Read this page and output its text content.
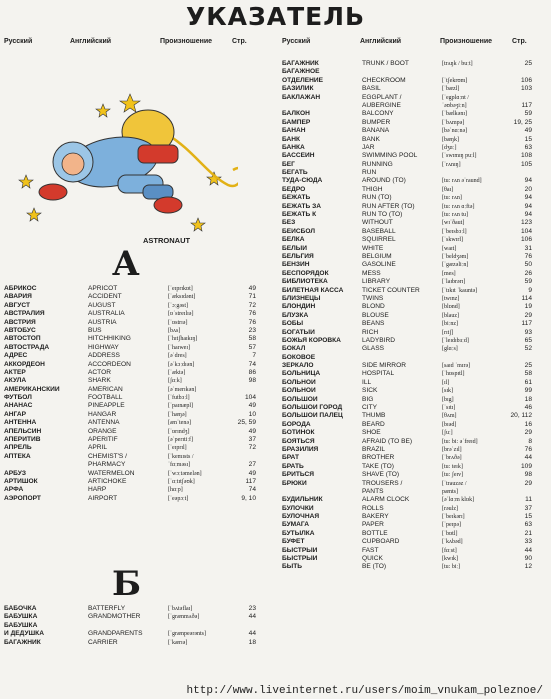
УКАЗАТЕЛЬ
Русский	Английский	Произношение	Стр.	Русский	Английский	Произношение	Стр.
ASTRONAUT
А
Б
АБРИКОС	APRICOT	[ˈeɪprɪkɒt]	49
АВАРИЯ	ACCIDENT	[ˈæksɪdənt]	71
АВГУСТ	AUGUST	[ˈɔːgəst]	72
АВСТРАЛИЯ	AUSTRALIA	[ɒˈstreɪlɪə]	76
АВСТРИЯ	AUSTRIA	[ˈɒstrɪə]	76
АВТОБУС	BUS	[bʌs]	23
АВТОСТОП	HITCHHIKING	[ˈhɪtʃhaɪkɪŋ]	58
АВТОСТРАДА	HIGHWAY	[ˈhaɪweɪ]	57
АДРЕС	ADDRESS	[əˈdres]	7
АККОРДЕОН	ACCORDEON	[əˈkɔːdɪən]	74
АКТЕР	ACTOR	[ˈæktə]	86
АКУЛА	SHARK	[ʃɑːk]	98
АМЕРИКАНСКИЙ	AMERICAN	[əˈmerɪkən]
ФУТБОЛ	FOOTBALL	[ˈfutbɔːl]	104
АНАНАС	PINEAPPLE	[ˈpaɪnæpl]	49
АНГАР	HANGAR	[ˈhæŋə]	10
АНТЕННА	ANTENNA	[ænˈtenə]	25, 59
АПЕЛЬСИН	ORANGE	[ˈɒrɪndʒ]	49
АПЕРИТИВ	APERITIF	[əˈperɪtiːf]	37
АПРЕЛЬ	APRIL	[ˈeɪprɪl]	72
АПТЕКА	CHEMIST'S /	[ˈkemɪsts /
PHARMACY	ˈfɑːməsɪ]	27
АРБУЗ	WATERMELON	[ˈwɔːtəmelən]	49
АРТИШОК	ARTICHOKE	[ˈɑːtɪtʃəʊk]	117
АРФА	HARP	[hɑːp]	74
АЭРОПОРТ	AIRPORT	[ˈeəpɔːt]	9, 10
БАБОЧКА	BATTERFLY	[ˈbʌtəflaɪ]	23
БАБУШКА	GRANDMOTHER	[ˈgrænmʌðə]	44
БАБУШКА
И ДЕДУШКА	GRANDPARENTS	[ˈgrænpeərənts]	44
БАГАЖНИК	CARRIER	[ˈkærɪə]	18
БАГАЖНИК	TRUNK / BOOT	[trʌŋk / buːt]	25
БАГАЖНОЕ
ОТДЕЛЕНИЕ	CHECKROOM	[ˈtʃekrʊm]	106
БАЗИЛИК	BASIL	[ˈbæzl]	103
БАКЛАЖАН	EGGPLANT /	[ˈegplɑːnt /
AUBERGINE	ˈəʊbəʒiːn]	117
БАЛКОН	BALCONY	[ˈbælkənɪ]	59
БАМПЕР	BUMPER	[ˈbʌmpə]	19, 25
БАНАН	BANANA	[bəˈnɑːnə]	49
БАНК	BANK	[bæŋk]	15
БАНКА	JAR	[dʒɑː]	63
БАССЕЙН	SWIMMING POOL	[ˈswɪmɪŋ puːl]	108
БЕГ	RUNNING	[ˈrʌnɪŋ]	105
БЕГАТЬ	RUN
ТУДА-СЮДА	AROUND (TO)	[tu: rʌn əˈraund]	94
БЕДРО	THIGH	[θaɪ]	20
БЕЖАТЬ	RUN (TO)	[tu: rʌn]	94
БЕЖАТЬ ЗА	RUN AFTER (TO)	[tu: rʌn ɑːftə]	94
БЕЖАТЬ К	RUN TO (TO)	[tu: rʌn tu]	94
БЕЗ	WITHOUT	[wɪˈðaut]	123
БЕЙСБОЛ	BASEBALL	[ˈbeɪsbɔːl]	104
БЕЛКА	SQUIRREL	[ˈskwɪrl]	106
БЕЛЫЙ	WHITE	[waɪt]	31
БЕЛЬГИЯ	BELGIUM	[ˈbeldʒəm]	76
БЕНЗИН	GASOLINE	[ˈgæzəliːn]	50
БЕСПОРЯДОК	MESS	[mes]	26
БИБЛИОТЕКА	LIBRARY	[ˈlaɪbrərɪ]	59
БИЛЕТНАЯ КАССА	TICKET COUNTER	[ˈtɪkɪt ˈkauntə]	9
БЛИЗНЕЦЫ	TWINS	[twɪnz]	114
БЛОНДИН	BLOND	[blɒnd]	19
БЛУЗКА	BLOUSE	[blauz]	29
БОБЫ	BEANS	[biːnz]	117
БОГАТЫЙ	RICH	[rɪtʃ]	93
БОЖЬЯ КОРОВКА	LADYBIRD	[ˈleɪdɪbɜːd]	65
БОКАЛ	GLASS	[glɑːs]	52
БОКОВОЕ
ЗЕРКАЛО	SIDE MIRROR	[saɪd ˈmɪrə]	25
БОЛЬНИЦА	HOSPITAL	[ˈhɒspɪtl]	58
БОЛЬНОЙ	ILL	[ɪl]	61
БОЛЬНОЙ	SICK	[sɪk]	99
БОЛЬШОЙ	BIG	[bɪg]	18
БОЛЬШОЙ ГОРОД	CITY	[ˈsɪtɪ]	46
БОЛЬШОЙ ПАЛЕЦ	THUMB	[θʌm]	20, 112
БОРОДА	BEARD	[bɪəd]	16
БОТИНОК	SHOE	[ʃuː]	29
БОЯТЬСЯ	AFRAID (TO BE)	[tu: bi: əˈfreɪd]	8
БРАЗИЛИЯ	BRAZIL	[brəˈzɪl]	76
БРАТ	BROTHER	[ˈbrʌðə]	44
БРАТЬ	TAKE (TO)	[tu: teɪk]	109
БРИТЬСЯ	SHAVE (TO)	[tu: ʃeɪv]	98
БРЮКИ	TROUSERS /	[ˈtrauzəz /	29
PANTS	pænts]
БУДИЛЬНИК	ALARM CLOCK	[əˈlɑːm klɒk]	11
БУЛОЧКИ	ROLLS	[rəulz]	37
БУЛОЧНАЯ	BAKERY	[ˈbeɪkərɪ]	15
БУМАГА	PAPER	[ˈpeɪpə]	63
БУТЫЛКА	BOTTLE	[ˈbɒtl]	21
БУФЕТ	CUPBOARD	[ˈkʌbəd]	33
БЫСТРЫЙ	FAST	[fɑːst]	44
БЫСТРЫЙ	QUICK	[kwɪk]	90
БЫТЬ	BE (TO)	[tu: biː]	12
http://www.liveinternet.ru/users/moim_vnukam_poleznoe/
